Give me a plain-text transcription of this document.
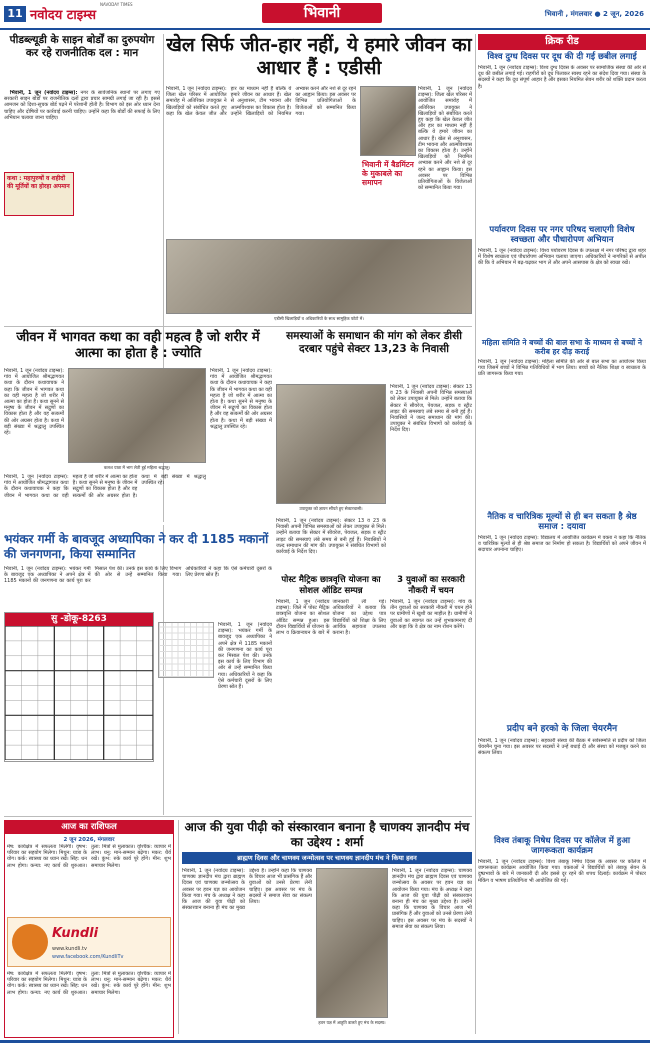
11 नवोदय टाइम्स
NAVODAY TIMES
भिवानी	भिवानी , मंगलवार ● 2 जून, 2026
पीडब्ल्यूडी के साइन बोर्डों का दुरुपयोग कर रहे राजनीतिक दल : मान

भिवानी, 1 जून (नवोदय टाइम्स): नगर के सार्वजनिक स्थानों पर लगाए गए सरकारी साइन बोर्डों पर राजनीतिक दलों द्वारा प्रचार सामग्री लगाई जा रही है। इससे आमजन को दिशा-सूचक बोर्ड पढ़ने में परेशानी होती है। विभाग को इस ओर ध्यान देना चाहिए और दोषियों पर कार्रवाई करनी चाहिए। उन्होंने कहा कि बोर्डों की सफाई के लिए अभियान चलाया जाना चाहिए।

कथा : महापुरुषों व शहीदों की मूर्तियों का होरहा अपमान
खेल सिर्फ जीत-हार नहीं, ये हमारे जीवन का आधार हैं : एडीसी
भिवानी, 1 जून (नवोदय टाइम्स): जिला खेल परिसर में आयोजित समारोह में अतिरिक्त उपायुक्त ने खिलाड़ियों को संबोधित करते हुए कहा कि खेल केवल जीत और हार का माध्यम नहीं हैं बल्कि ये हमारे जीवन का आधार हैं। खेल से अनुशासन, टीम भावना और आत्मविश्वास का विकास होता है। उन्होंने खिलाड़ियों को नियमित अभ्यास करने और नशे से दूर रहने का आह्वान किया। इस अवसर पर विभिन्न प्रतियोगिताओं के विजेताओं को सम्मानित किया गया।
भिवानी में बैडमिंटन के मुकाबले का समापन
भिवानी, 1 जून (नवोदय टाइम्स): जिला खेल परिसर में आयोजित समारोह में अतिरिक्त उपायुक्त ने खिलाड़ियों को संबोधित करते हुए कहा कि खेल केवल जीत और हार का माध्यम नहीं हैं बल्कि ये हमारे जीवन का आधार हैं। खेल से अनुशासन, टीम भावना और आत्मविश्वास का विकास होता है। उन्होंने खिलाड़ियों को नियमित अभ्यास करने और नशे से दूर रहने का आह्वान किया। इस अवसर पर विभिन्न प्रतियोगिताओं के विजेताओं को सम्मानित किया गया।
एडीसी खिलाड़ियों व अधिकारियों के साथ सामूहिक फोटो में।
क्रिक रीड
विश्व दुग्ध दिवस पर दूध की दी गई छबील लगाई
भिवानी, 1 जून (नवोदय टाइम्स): विश्व दुग्ध दिवस के अवसर पर सामाजिक संस्था की ओर से दूध की छबील लगाई गई। राहगीरों को दूध पिलाकर स्वस्थ रहने का संदेश दिया गया। संस्था के सदस्यों ने कहा कि दूध संपूर्ण आहार है और इसका नियमित सेवन शरीर को शक्ति प्रदान करता है।
पर्यावरण दिवस पर नगर परिषद चलाएगी विशेष स्वच्छता और पौधारोपण अभियान
भिवानी, 1 जून (नवोदय टाइम्स): विश्व पर्यावरण दिवस के उपलक्ष्य में नगर परिषद द्वारा शहर में विशेष स्वच्छता एवं पौधारोपण अभियान चलाया जाएगा। अधिकारियों ने नागरिकों से अपील की कि वे अभियान में बढ़-चढ़कर भाग लें और अपने आसपास के क्षेत्र को स्वच्छ रखें।
महिला समिति ने बच्चों की बाल सभा के माध्यम से बच्चों ने करीब हर दौड़ कराई
भिवानी, 1 जून (नवोदय टाइम्स): महिला समिति की ओर से बाल सभा का आयोजन किया गया जिसमें बच्चों ने विभिन्न गतिविधियों में भाग लिया। बच्चों को नैतिक शिक्षा व स्वच्छता के प्रति जागरूक किया गया।
नैतिक व चारित्रिक मूल्यों से ही बन सकता है श्रेष्ठ समाज : दयावा
भिवानी, 1 जून (नवोदय टाइम्स): विद्यालय में आयोजित कार्यक्रम में वक्ता ने कहा कि नैतिक व चारित्रिक मूल्यों से ही श्रेष्ठ समाज का निर्माण हो सकता है। विद्यार्थियों को अपने जीवन में सदाचार अपनाना चाहिए।
प्रदीप बने हरको के जिला चेयरमैन
भिवानी, 1 जून (नवोदय टाइम्स): सहकारी संस्था की बैठक में सर्वसम्मति से प्रदीप को जिला चेयरमैन चुना गया। इस अवसर पर सदस्यों ने उन्हें बधाई दी और संस्था को मजबूत करने का संकल्प लिया।
विश्व तंबाकू निषेध दिवस पर कॉलेज में हुआ जागरूकता कार्यक्रम
भिवानी, 1 जून (नवोदय टाइम्स): विश्व तंबाकू निषेध दिवस के अवसर पर कॉलेज में जागरूकता कार्यक्रम आयोजित किया गया। वक्ताओं ने विद्यार्थियों को तंबाकू सेवन के दुष्प्रभावों के बारे में जानकारी दी और इससे दूर रहने की शपथ दिलाई। कार्यक्रम में पोस्टर मेकिंग व भाषण प्रतियोगिता भी आयोजित की गई।
जीवन में भागवत कथा का वही महत्व है जो शरीर में आत्मा का होता है : ज्योति
भिवानी, 1 जून (नवोदय टाइम्स): गांव में आयोजित श्रीमद्भागवत कथा के दौरान कथावाचक ने कहा कि जीवन में भागवत कथा का वही महत्व है जो शरीर में आत्मा का होता है। कथा सुनने से मनुष्य के जीवन में सद्गुणों का विकास होता है और वह सत्कर्मों की ओर अग्रसर होता है। कथा में बड़ी संख्या में श्रद्धालु उपस्थित रहे।
भिवानी, 1 जून (नवोदय टाइम्स): गांव में आयोजित श्रीमद्भागवत कथा के दौरान कथावाचक ने कहा कि जीवन में भागवत कथा का वही महत्व है जो शरीर में आत्मा का होता है। कथा सुनने से मनुष्य के जीवन में सद्गुणों का विकास होता है और वह सत्कर्मों की ओर अग्रसर होता है। कथा में बड़ी संख्या में श्रद्धालु उपस्थित रहे।
कलश यात्रा में भाग लेती हुई महिला श्रद्धालु।
भिवानी, 1 जून (नवोदय टाइम्स): गांव में आयोजित श्रीमद्भागवत कथा के दौरान कथावाचक ने कहा कि जीवन में भागवत कथा का वही महत्व है जो शरीर में आत्मा का होता है। कथा सुनने से मनुष्य के जीवन में सद्गुणों का विकास होता है और वह सत्कर्मों की ओर अग्रसर होता है। कथा में बड़ी संख्या में श्रद्धालु उपस्थित रहे।
समस्याओं के समाधान की मांग को लेकर डीसी दरबार पहुंचे सेक्टर 13,23 के निवासी
उपायुक्त को ज्ञापन सौंपते हुए सेक्टरवासी।
भिवानी, 1 जून (नवोदय टाइम्स): सेक्टर 13 व 23 के निवासी अपनी विभिन्न समस्याओं को लेकर उपायुक्त से मिले। उन्होंने बताया कि सेक्टर में सीवरेज, पेयजल, सड़क व स्ट्रीट लाइट की समस्याएं लंबे समय से बनी हुई हैं। निवासियों ने जल्द समाधान की मांग की। उपायुक्त ने संबंधित विभागों को कार्रवाई के निर्देश दिए।
भिवानी, 1 जून (नवोदय टाइम्स): सेक्टर 13 व 23 के निवासी अपनी विभिन्न समस्याओं को लेकर उपायुक्त से मिले। उन्होंने बताया कि सेक्टर में सीवरेज, पेयजल, सड़क व स्ट्रीट लाइट की समस्याएं लंबे समय से बनी हुई हैं। निवासियों ने जल्द समाधान की मांग की। उपायुक्त ने संबंधित विभागों को कार्रवाई के निर्देश दिए।
भयंकर गर्मी के बावजूद अध्यापिका ने कर दी 1185 मकानों की जनगणना, किया सम्मानित
भिवानी, 1 जून (नवोदय टाइम्स): भयंकर गर्मी के बावजूद एक अध्यापिका ने अपने क्षेत्र में 1185 मकानों की जनगणना का कार्य पूरा कर मिसाल पेश की। उनके इस कार्य के लिए विभाग की ओर से उन्हें सम्मानित किया गया। अधिकारियों ने कहा कि ऐसे कर्मचारी दूसरों के लिए प्रेरणा स्रोत हैं।
सु -डोकू-8263
भिवानी, 1 जून (नवोदय टाइम्स): भयंकर गर्मी के बावजूद एक अध्यापिका ने अपने क्षेत्र में 1185 मकानों की जनगणना का कार्य पूरा कर मिसाल पेश की। उनके इस कार्य के लिए विभाग की ओर से उन्हें सम्मानित किया गया। अधिकारियों ने कहा कि ऐसे कर्मचारी दूसरों के लिए प्रेरणा स्रोत हैं।
पोस्ट मैट्रिक छात्रवृत्ति योजना का सोशल ऑडिट सम्पन्न
भिवानी, 1 जून (नवोदय टाइम्स): जिले में पोस्ट मैट्रिक छात्रवृत्ति योजना का सोशल ऑडिट सम्पन्न हुआ। इस दौरान विद्यार्थियों से योजना के लाभ व क्रियान्वयन के बारे में जानकारी ली गई। अधिकारियों ने बताया कि योजना का उद्देश्य पात्र विद्यार्थियों को शिक्षा के लिए आर्थिक सहायता उपलब्ध कराना है।
3 युवाओं का सरकारी नौकरी में चयन
भिवानी, 1 जून (नवोदय टाइम्स): गांव के तीन युवाओं का सरकारी नौकरी में चयन होने पर ग्रामीणों में खुशी का माहौल है। ग्रामीणों ने युवाओं का स्वागत कर उन्हें शुभकामनाएं दीं और कहा कि वे क्षेत्र का नाम रोशन करेंगे।
आज का राशिफल
2 जून 2026, मंगलवार
मेष: कार्यक्षेत्र में सफलता मिलेगी। वृषभ: परिवार का सहयोग मिलेगा। मिथुन: यात्रा के योग। कर्क: स्वास्थ्य का ध्यान रखें। सिंह: धन लाभ होगा। कन्या: नए कार्य की शुरुआत। तुला: मित्रों से मुलाकात। वृश्चिक: व्यापार में लाभ। धनु: मान-सम्मान बढ़ेगा। मकर: धैर्य रखें। कुंभ: रुके कार्य पूरे होंगे। मीन: शुभ समाचार मिलेगा।
Kundli
www.kundli.tv
www.facebook.com/KundliTv
मेष: कार्यक्षेत्र में सफलता मिलेगी। वृषभ: परिवार का सहयोग मिलेगा। मिथुन: यात्रा के योग। कर्क: स्वास्थ्य का ध्यान रखें। सिंह: धन लाभ होगा। कन्या: नए कार्य की शुरुआत। तुला: मित्रों से मुलाकात। वृश्चिक: व्यापार में लाभ। धनु: मान-सम्मान बढ़ेगा। मकर: धैर्य रखें। कुंभ: रुके कार्य पूरे होंगे। मीन: शुभ समाचार मिलेगा।
आज की युवा पीढ़ी को संस्कारवान बनाना है चाणक्य ज्ञानदीप मंच का उद्देश्य : शर्मा
ब्राह्मण दिवस और चाणक्य जन्मोत्सव पर चाणक्य ज्ञानदीप मंच ने किया हवन
भिवानी, 1 जून (नवोदय टाइम्स): चाणक्य ज्ञानदीप मंच द्वारा ब्राह्मण दिवस एवं चाणक्य जन्मोत्सव के अवसर पर हवन यज्ञ का आयोजन किया गया। मंच के अध्यक्ष ने कहा कि आज की युवा पीढ़ी को संस्कारवान बनाना ही मंच का मुख्य उद्देश्य है। उन्होंने कहा कि चाणक्य के विचार आज भी प्रासंगिक हैं और युवाओं को उनसे प्रेरणा लेनी चाहिए। इस अवसर पर मंच के सदस्यों ने समाज सेवा का संकल्प लिया।
हवन यज्ञ में आहुति डालते हुए मंच के सदस्य।
भिवानी, 1 जून (नवोदय टाइम्स): चाणक्य ज्ञानदीप मंच द्वारा ब्राह्मण दिवस एवं चाणक्य जन्मोत्सव के अवसर पर हवन यज्ञ का आयोजन किया गया। मंच के अध्यक्ष ने कहा कि आज की युवा पीढ़ी को संस्कारवान बनाना ही मंच का मुख्य उद्देश्य है। उन्होंने कहा कि चाणक्य के विचार आज भी प्रासंगिक हैं और युवाओं को उनसे प्रेरणा लेनी चाहिए। इस अवसर पर मंच के सदस्यों ने समाज सेवा का संकल्प लिया।
